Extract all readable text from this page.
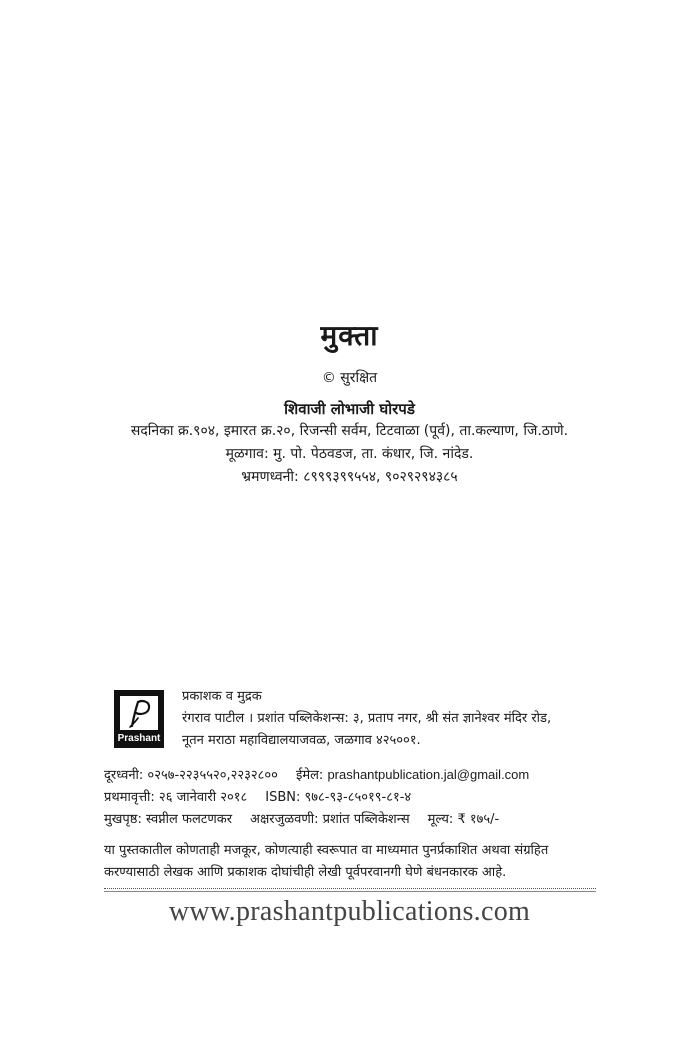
मुक्ता
© सुरक्षित
शिवाजी लोभाजी घोरपडे
सदनिका क्र.९०४, इमारत क्र.२०, रिजन्सी सर्वम, टिटवाळा (पूर्व), ता.कल्याण, जि.ठाणे.
मूळगाव: मु. पो. पेठवडज, ता. कंधार, जि. नांदेड.
भ्रमणध्वनी: ८९९९३९९५५४, ९०२९२९४३८५
Prashant
प्रकाशक व मुद्रक
रंगराव पाटील । प्रशांत पब्लिकेशन्स: ३, प्रताप नगर, श्री संत ज्ञानेश्वर मंदिर रोड,
नूतन मराठा महाविद्यालयाजवळ, जळगाव ४२५००१.
दूरध्वनी: ०२५७-२२३५५२०,२२३२८०० ईमेल: prashantpublication.jal@gmail.com
प्रथमावृत्ती: २६ जानेवारी २०१८ ISBN: ९७८-९३-८५०१९-८१-४
मुखपृष्ठ: स्वप्नील फलटणकर अक्षरजुळवणी: प्रशांत पब्लिकेशन्स मूल्य: ₹ १७५/-
या पुस्तकातील कोणताही मजकूर, कोणत्याही स्वरूपात वा माध्यमात पुनर्प्रकाशित अथवा संग्रहित करण्यासाठी लेखक आणि प्रकाशक दोघांचीही लेखी पूर्वपरवानगी घेणे बंधनकारक आहे.
www.prashantpublications.com
